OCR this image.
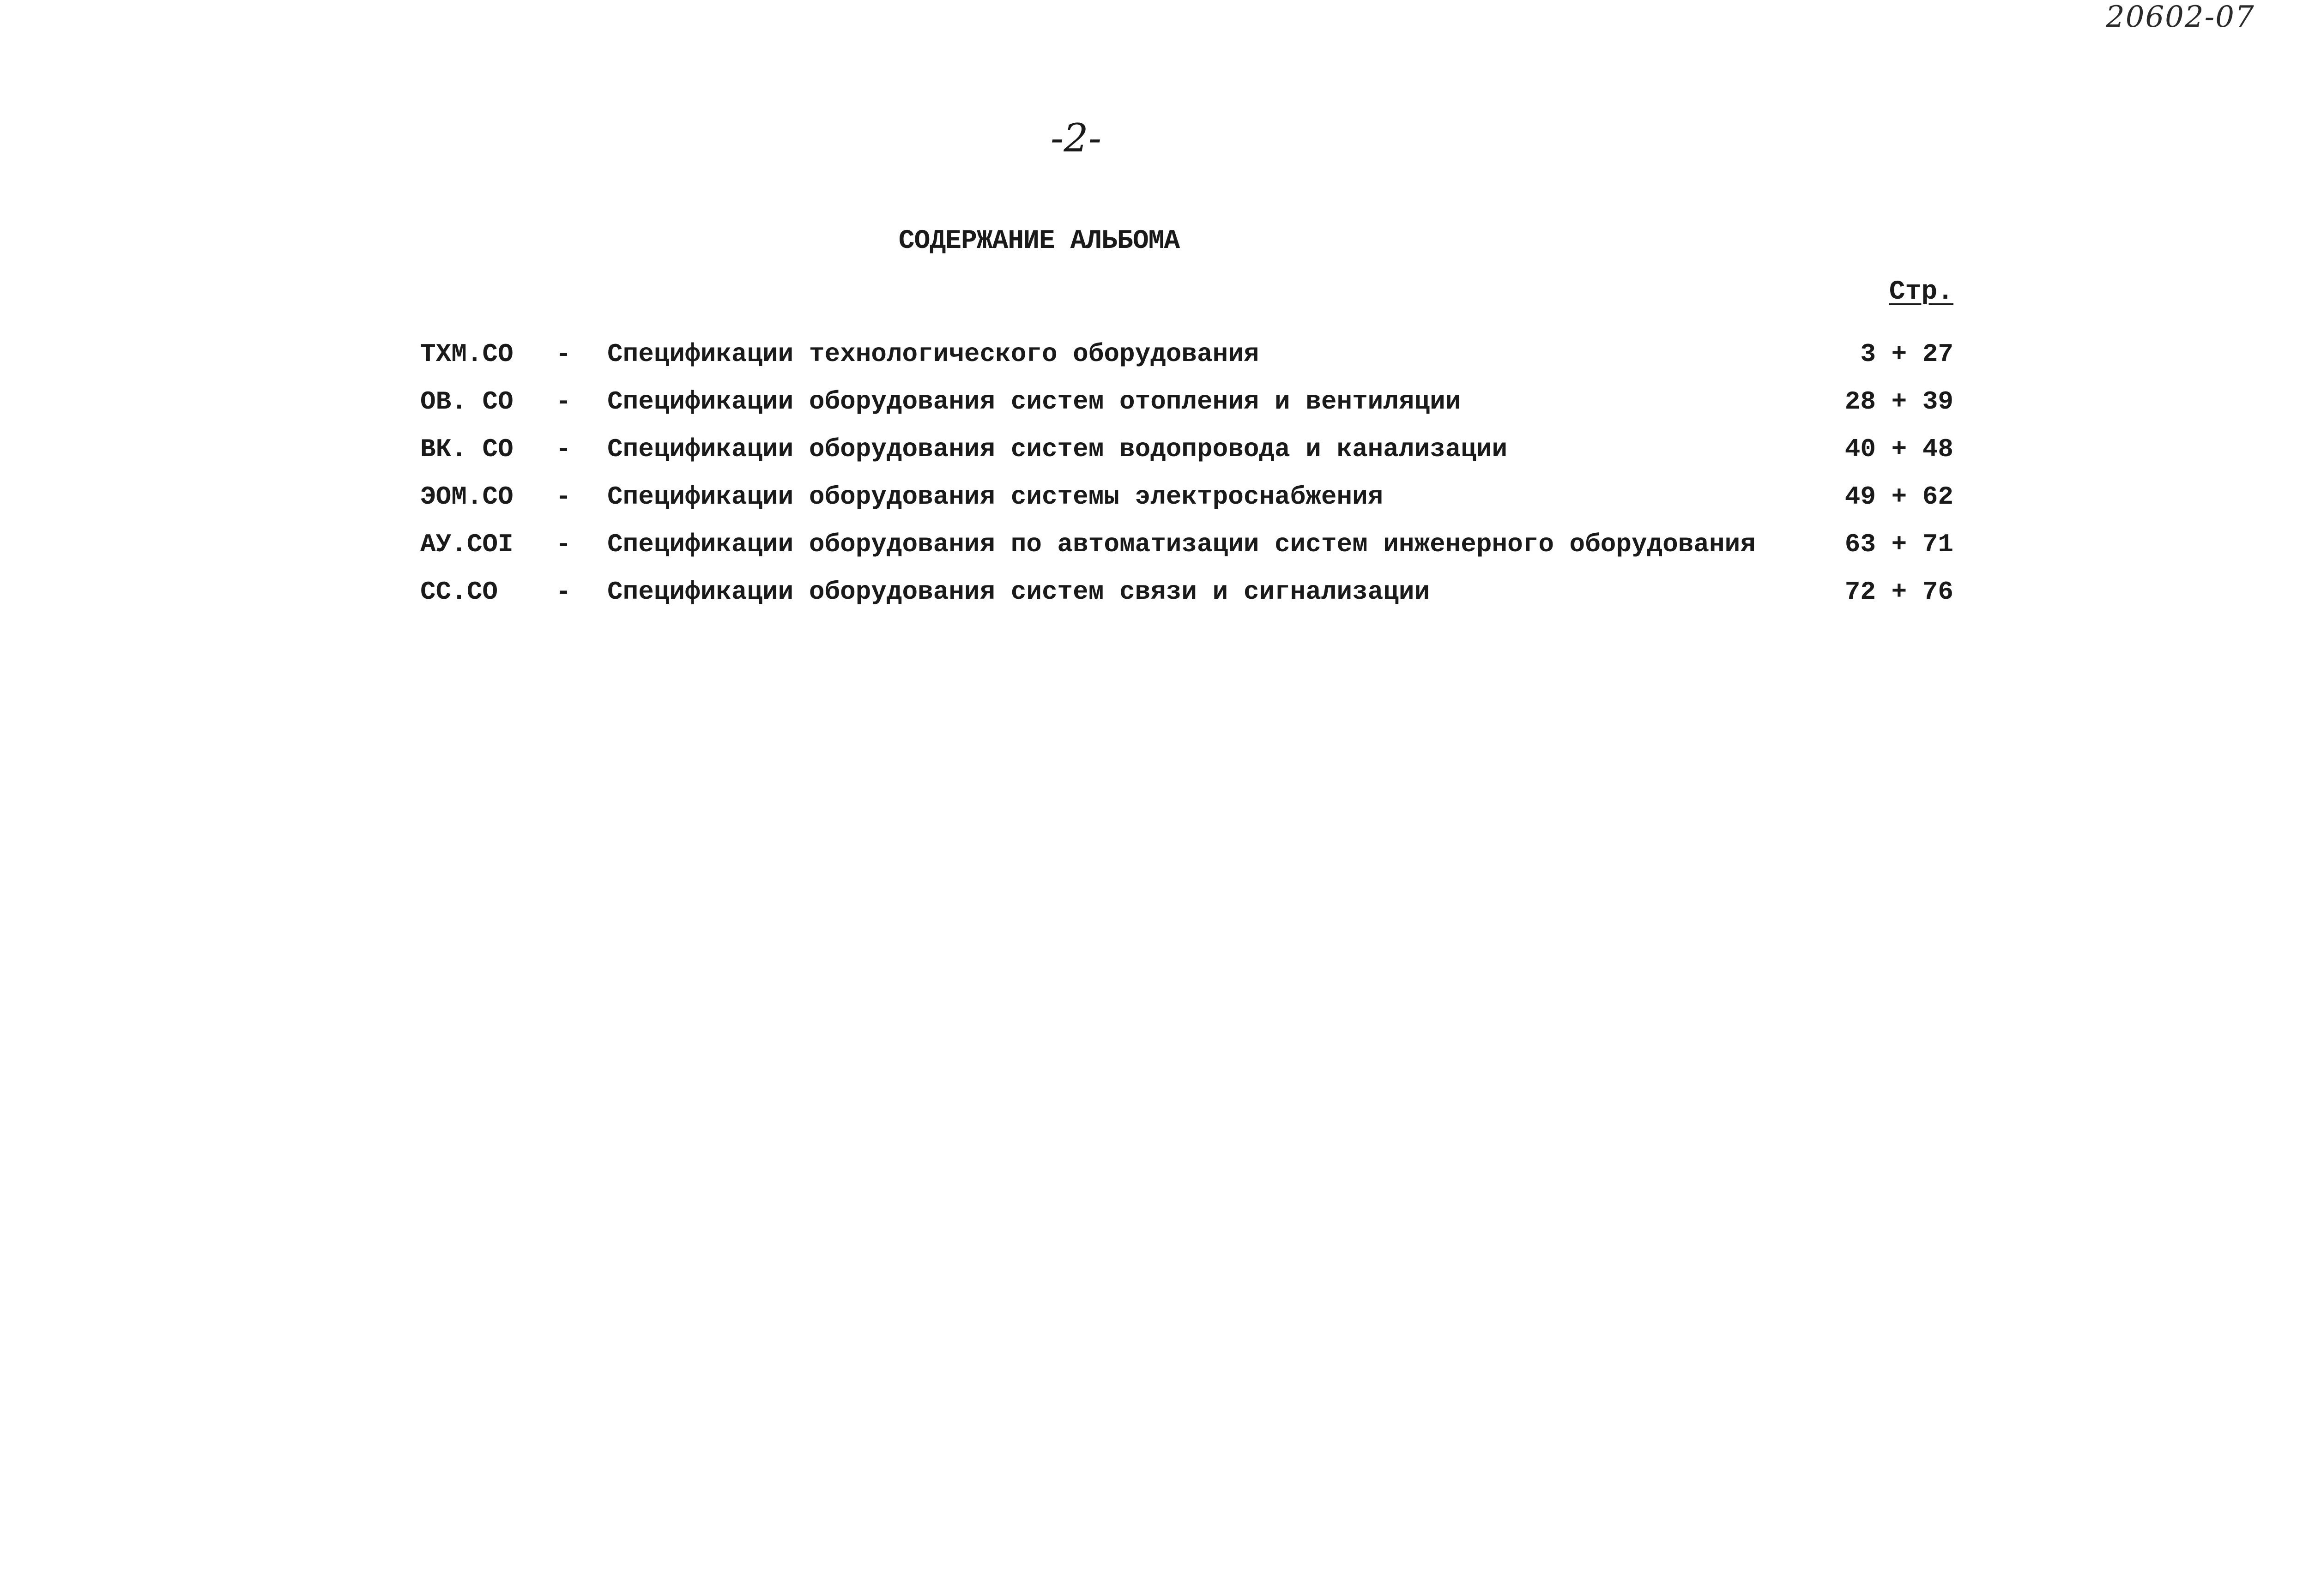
20602-07
-2-
СОДЕРЖАНИЕ АЛЬБОМА
Стр.
ТХМ.СО	- Спецификации технологического оборудования	3 + 27
ОВ. СО	- Спецификации оборудования систем отопления и вентиляции	28 + 39
ВК. СО	- Спецификации оборудования систем водопровода и канализации	40 + 48
ЭОМ.СО	- Спецификации оборудования системы электроснабжения	49 + 62
АУ.СОI	- Спецификации оборудования по автоматизации систем инженерного оборудования	63 + 71
СС.СО	- Спецификации оборудования систем связи и сигнализации	72 + 76
